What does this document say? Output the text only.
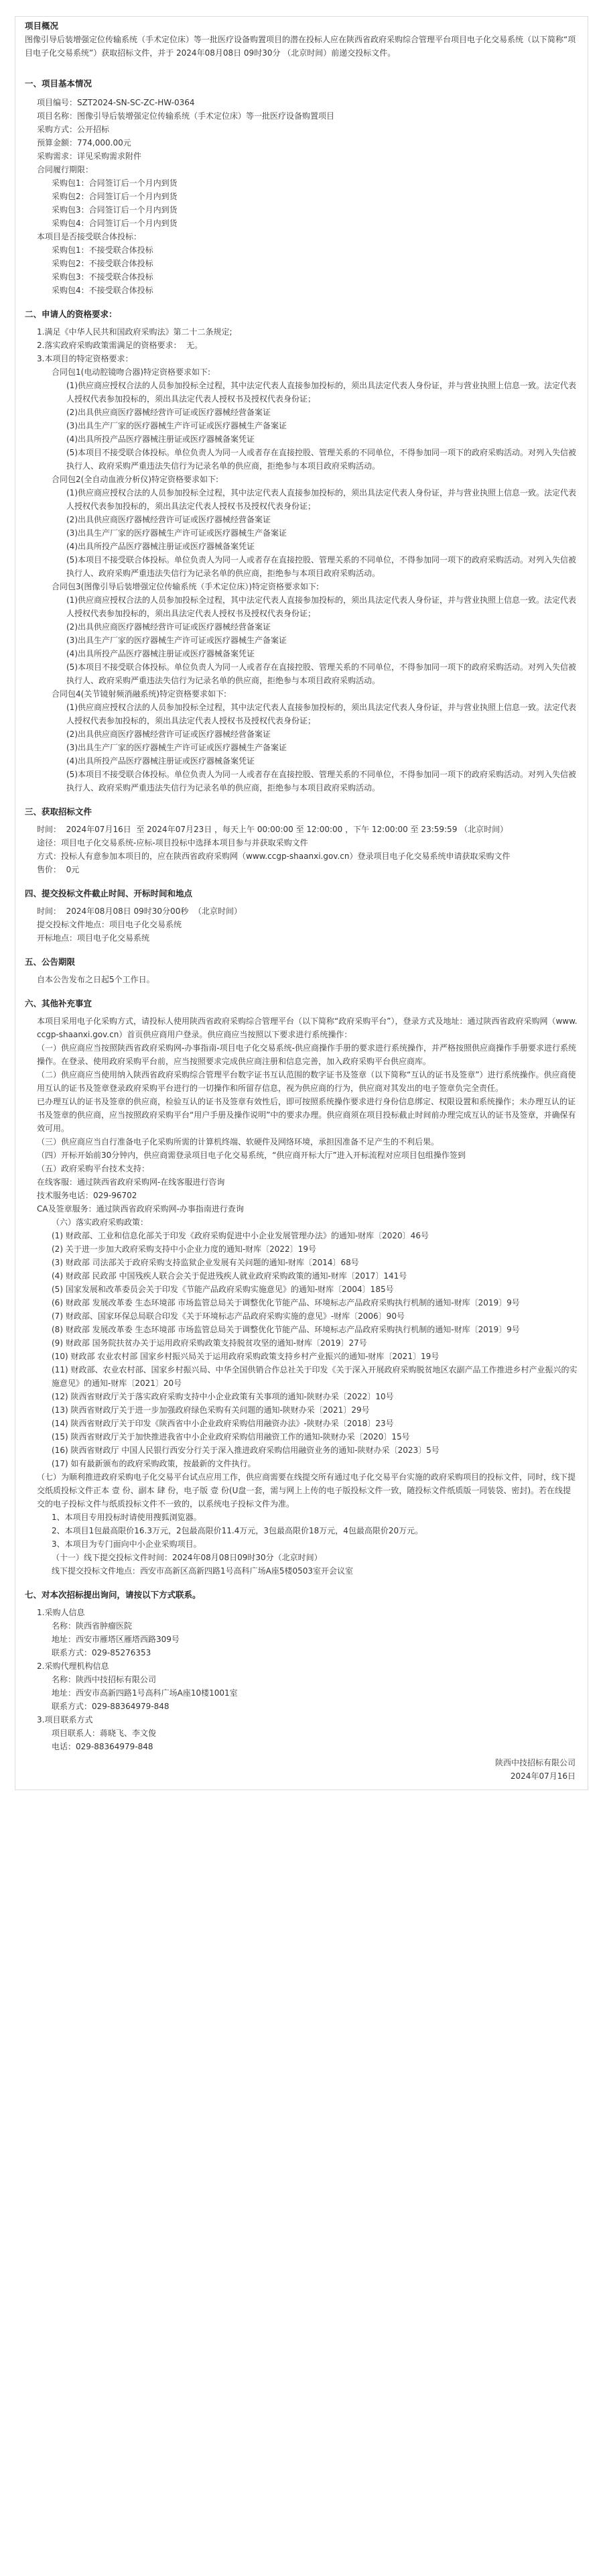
项目概况

图像引导后装增强定位传输系统（手术定位床）等一批医疗设备购置项目的潜在投标人应在陕西省政府采购综合管理平台项目电子化交易系统（以下简称“项目电子化交易系统”）获取招标文件，并于 2024年08月08日 09时30分 （北京时间）前递交投标文件。

一、项目基本情况

项目编号：SZT2024-SN-SC-ZC-HW-0364

项目名称：图像引导后装增强定位传输系统（手术定位床）等一批医疗设备购置项目

采购方式：公开招标

预算金额：774,000.00元

采购需求：详见采购需求附件

合同履行期限：

采购包1：合同签订后一个月内到货

采购包2：合同签订后一个月内到货

采购包3：合同签订后一个月内到货

采购包4：合同签订后一个月内到货

本项目是否接受联合体投标：

采购包1：不接受联合体投标

采购包2：不接受联合体投标

采购包3：不接受联合体投标

采购包4：不接受联合体投标

二、申请人的资格要求：

1.满足《中华人民共和国政府采购法》第二十二条规定;

2.落实政府采购政策需满足的资格要求：  无。

3.本项目的特定资格要求：

合同包1(电动腔镜吻合器)特定资格要求如下:

(1)供应商应授权合法的人员参加投标全过程，其中法定代表人直接参加投标的，须出具法定代表人身份证，并与营业执照上信息一致。法定代表人授权代表参加投标的，须出具法定代表人授权书及授权代表身份证；

(2)出具供应商医疗器械经营许可证或医疗器械经营备案证

(3)出具生产厂家的医疗器械生产许可证或医疗器械生产备案证

(4)出具所投产品医疗器械注册证或医疗器械备案凭证

(5)本项目不接受联合体投标。单位负责人为同一人或者存在直接控股、管理关系的不同单位，不得参加同一项下的政府采购活动。对列入失信被执行人、政府采购严重违法失信行为记录名单的供应商，拒绝参与本项目政府采购活动。

合同包2(全自动血液分析仪)特定资格要求如下:

(1)供应商应授权合法的人员参加投标全过程，其中法定代表人直接参加投标的，须出具法定代表人身份证，并与营业执照上信息一致。法定代表人授权代表参加投标的，须出具法定代表人授权书及授权代表身份证；

(2)出具供应商医疗器械经营许可证或医疗器械经营备案证

(3)出具生产厂家的医疗器械生产许可证或医疗器械生产备案证

(4)出具所投产品医疗器械注册证或医疗器械备案凭证

(5)本项目不接受联合体投标。单位负责人为同一人或者存在直接控股、管理关系的不同单位，不得参加同一项下的政府采购活动。对列入失信被执行人、政府采购严重违法失信行为记录名单的供应商，拒绝参与本项目政府采购活动。

合同包3(图像引导后装增强定位传输系统（手术定位床）)特定资格要求如下:

(1)供应商应授权合法的人员参加投标全过程，其中法定代表人直接参加投标的，须出具法定代表人身份证，并与营业执照上信息一致。法定代表人授权代表参加投标的，须出具法定代表人授权书及授权代表身份证；

(2)出具供应商医疗器械经营许可证或医疗器械经营备案证

(3)出具生产厂家的医疗器械生产许可证或医疗器械生产备案证

(4)出具所投产品医疗器械注册证或医疗器械备案凭证

(5)本项目不接受联合体投标。单位负责人为同一人或者存在直接控股、管理关系的不同单位，不得参加同一项下的政府采购活动。对列入失信被执行人、政府采购严重违法失信行为记录名单的供应商，拒绝参与本项目政府采购活动。

合同包4(关节镜射频消融系统)特定资格要求如下:

(1)供应商应授权合法的人员参加投标全过程，其中法定代表人直接参加投标的，须出具法定代表人身份证，并与营业执照上信息一致。法定代表人授权代表参加投标的，须出具法定代表人授权书及授权代表身份证；

(2)出具供应商医疗器械经营许可证或医疗器械经营备案证

(3)出具生产厂家的医疗器械生产许可证或医疗器械生产备案证

(4)出具所投产品医疗器械注册证或医疗器械备案凭证

(5)本项目不接受联合体投标。单位负责人为同一人或者存在直接控股、管理关系的不同单位，不得参加同一项下的政府采购活动。对列入失信被执行人、政府采购严重违法失信行为记录名单的供应商，拒绝参与本项目政府采购活动。

三、获取招标文件

时间：  2024年07月16日  至 2024年07月23日 ，每天上午 00:00:00 至 12:00:00 ，下午 12:00:00 至 23:59:59 （北京时间）

途径：项目电子化交易系统-应标-项目投标中选择本项目参与并获取采购文件

方式：投标人有意参加本项目的，应在陕西省政府采购网（www.ccgp-shaanxi.gov.cn）登录项目电子化交易系统申请获取采购文件

售价：  0元

四、提交投标文件截止时间、开标时间和地点

时间：  2024年08月08日 09时30分00秒  （北京时间）

提交投标文件地点：项目电子化交易系统

开标地点：项目电子化交易系统

五、公告期限

自本公告发布之日起5个工作日。

六、其他补充事宜

本项目采用电子化采购方式，请投标人使用陕西省政府采购综合管理平台（以下简称“政府采购平台”），登录方式及地址：通过陕西省政府采购网（www.ccgp-shaanxi.gov.cn）首页供应商用户登录。供应商应当按照以下要求进行系统操作：

（一）供应商应当按照陕西省政府采购网-办事指南-项目电子化交易系统-供应商操作手册的要求进行系统操作，并严格按照供应商操作手册要求进行系统操作。在登录、使用政府采购平台前，应当按照要求完成供应商注册和信息完善，加入政府采购平台供应商库。

（二）供应商应当使用纳入陕西省政府采购综合管理平台数字证书互认范围的数字证书及签章（以下简称“互认的证书及签章”）进行系统操作。供应商使用互认的证书及签章登录政府采购平台进行的一切操作和所留存信息，视为供应商的行为，供应商对其发出的电子签章负完全责任。

已办理互认的证书及签章的供应商，检验互认的证书及签章有效性后，即可按照系统操作要求进行身份信息绑定、权限设置和系统操作；未办理互认的证书及签章的供应商，应当按照政府采购平台“用户手册及操作说明”中的要求办理。供应商须在项目投标截止时间前办理完成互认的证书及签章，并确保有效可用。

（三）供应商应当自行准备电子化采购所需的计算机终端、软硬件及网络环境，承担因准备不足产生的不利后果。

（四）开标开始前30分钟内，供应商需登录项目电子化交易系统，“供应商开标大厅”进入开标流程对应项目包组操作签到

（五）政府采购平台技术支持：

在线客服：通过陕西省政府采购网-在线客服进行咨询

技术服务电话：029-96702

CA及签章服务：通过陕西省政府采购网-办事指南进行查询

（六）落实政府采购政策：

(1) 财政部、工业和信息化部关于印发《政府采购促进中小企业发展管理办法》的通知-财库〔2020〕46号

(2) 关于进一步加大政府采购支持中小企业力度的通知-财库〔2022〕19号

(3) 财政部 司法部关于政府采购支持监狱企业发展有关问题的通知-财库〔2014〕68号

(4) 财政部 民政部 中国残疾人联合会关于促进残疾人就业政府采购政策的通知-财库〔2017〕141号

(5) 国家发展和改革委员会关于印发《节能产品政府采购实施意见》的通知-财库〔2004〕185号

(6) 财政部 发展改革委 生态环境部 市场监管总局关于调整优化节能产品、环境标志产品政府采购执行机制的通知-财库〔2019〕9号

(7) 财政部、国家环保总局联合印发《关于环境标志产品政府采购实施的意见》-财库〔2006〕90号

(8) 财政部 发展改革委 生态环境部 市场监管总局关于调整优化节能产品、环境标志产品政府采购执行机制的通知-财库〔2019〕9号

(9) 财政部 国务院扶贫办关于运用政府采购政策支持脱贫攻坚的通知-财库〔2019〕27号

(10) 财政部 农业农村部 国家乡村振兴局关于运用政府采购政策支持乡村产业振兴的通知-财库〔2021〕19号

(11) 财政部、农业农村部、国家乡村振兴局、中华全国供销合作总社关于印发《关于深入开展政府采购脱贫地区农副产品工作推进乡村产业振兴的实施意见》的通知-财库〔2021〕20号

(12) 陕西省财政厅关于落实政府采购支持中小企业政策有关事项的通知-陕财办采〔2022〕10号

(13) 陕西省财政厅关于进一步加强政府绿色采购有关问题的通知-陕财办采〔2021〕29号

(14) 陕西省财政厅关于印发《陕西省中小企业政府采购信用融资办法》-陕财办采〔2018〕23号

(15) 陕西省财政厅关于加快推进我省中小企业政府采购信用融资工作的通知-陕财办采〔2020〕15号

(16) 陕西省财政厅 中国人民银行西安分行关于深入推进政府采购信用融资业务的通知-陕财办采〔2023〕5号

(17) 如有最新颁布的政府采购政策，按最新的文件执行。

（七）为顺利推进政府采购电子化交易平台试点应用工作，供应商需要在线提交所有通过电子化交易平台实施的政府采购项目的投标文件，同时，线下提交纸质投标文件正本 壹 份、副本 肆 份，电子版 壹 份(U盘一套，需与网上上传的电子版投标文件一致，随投标文件纸质版一同装袋、密封)。若在线提交的电子投标文件与纸质投标文件不一致的，以系统电子投标文件为准。

1、本项目专用投标时请使用搜狐浏览器。

2、本项目1包最高限价16.3万元，2包最高限价11.4万元，3包最高限价18万元，4包最高限价20万元。

3、本项目为专门面向中小企业采购项目。

（十一）线下提交投标文件时间：2024年08月08日09时30分（北京时间）

线下提交投标文件地点：西安市高新区高新四路1号高科广场A座5楼0503室开会议室

七、对本次招标提出询问，请按以下方式联系。

1.采购人信息

名称：陕西省肿瘤医院

地址：西安市雁塔区雁塔西路309号

联系方式：029-85276353

2.采购代理机构信息

名称：陕西中技招标有限公司

地址：西安市高新四路1号高科广场A座10楼1001室

联系方式：029-88364979-848

3.项目联系方式

项目联系人：蒋晓飞、李文俊

电话：029-88364979-848

陕西中技招标有限公司

2024年07月16日
